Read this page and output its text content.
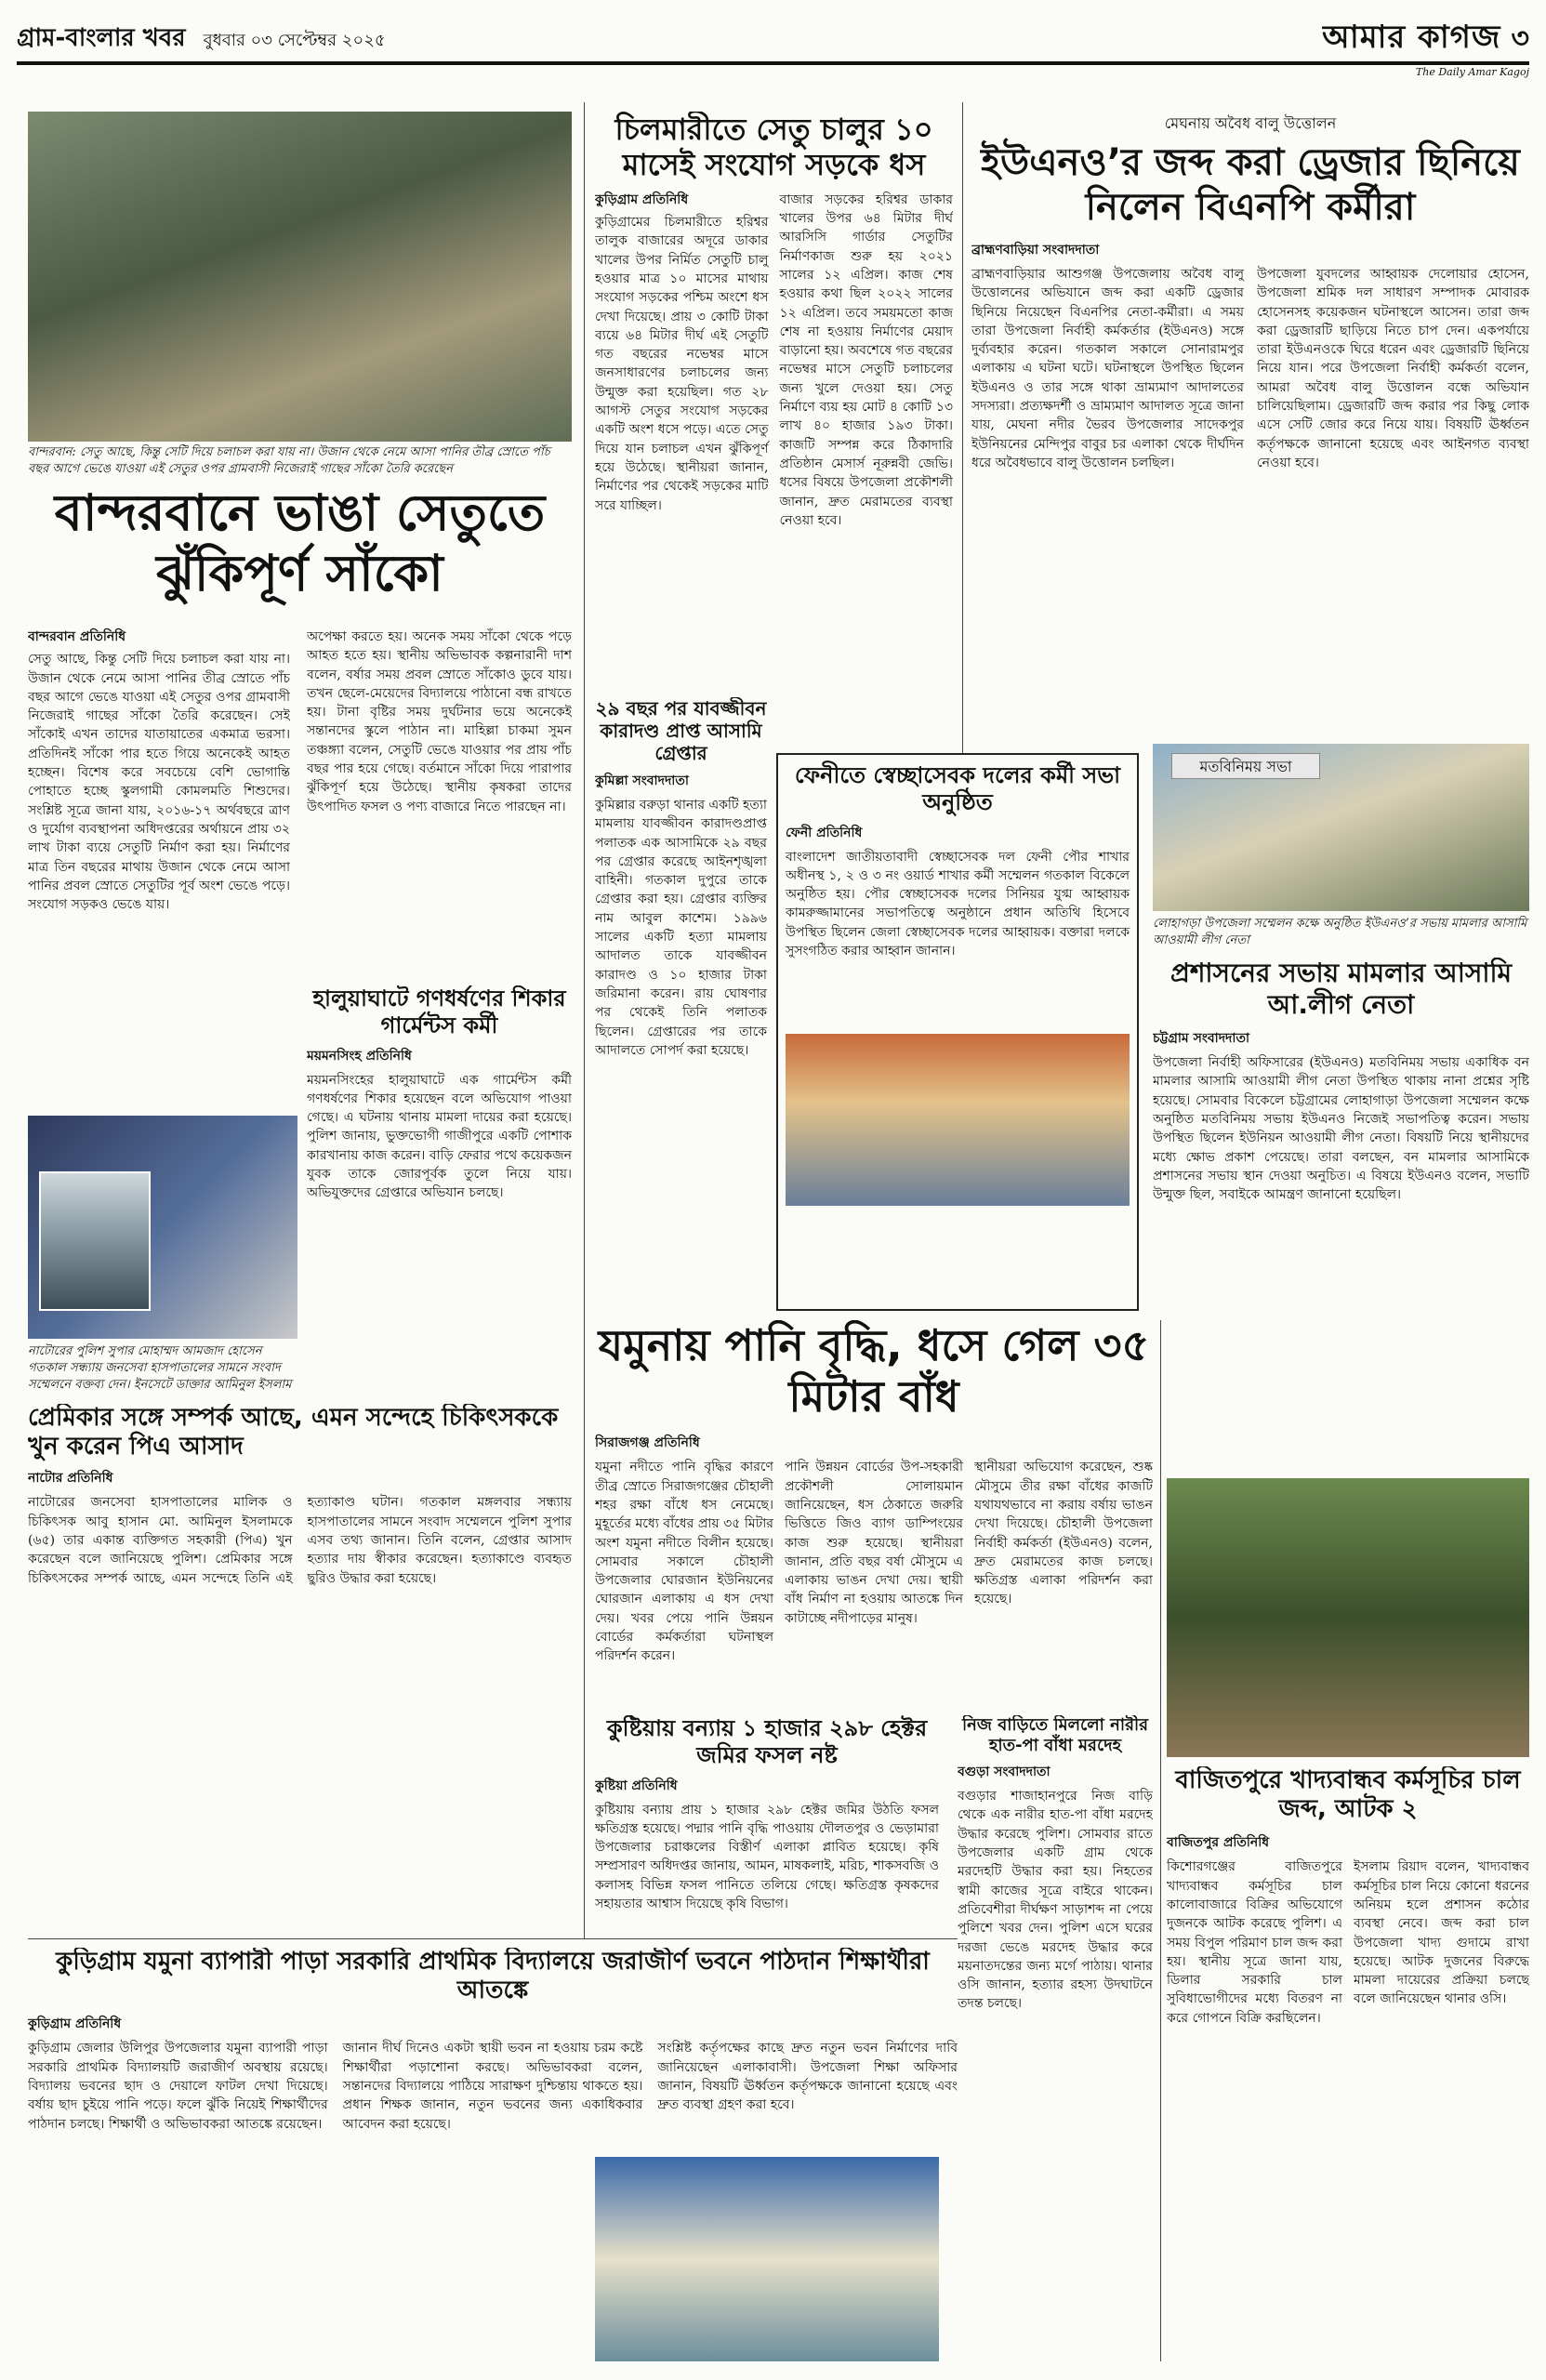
গ্রাম-বাংলার খবর বুধবার ০৩ সেপ্টেম্বর ২০২৫	আমার কাগজ ৩
The Daily Amar Kagoj
বান্দরবান: সেতু আছে, কিন্তু সেটি দিয়ে চলাচল করা যায় না। উজান থেকে নেমে আসা পানির তীব্র স্রোতে পাঁচ বছর আগে ভেঙে যাওয়া এই সেতুর ওপর গ্রামবাসী নিজেরাই গাছের সাঁকো তৈরি করেছেন
বান্দরবানে ভাঙা সেতুতে ঝুঁকিপূর্ণ সাঁকো
বান্দরবান প্রতিনিধি
সেতু আছে, কিন্তু সেটি দিয়ে চলাচল করা যায় না। উজান থেকে নেমে আসা পানির তীব্র স্রোতে পাঁচ বছর আগে ভেঙে যাওয়া এই সেতুর ওপর গ্রামবাসী নিজেরাই গাছের সাঁকো তৈরি করেছেন। সেই সাঁকোই এখন তাদের যাতায়াতের একমাত্র ভরসা। প্রতিদিনই সাঁকো পার হতে গিয়ে অনেকেই আহত হচ্ছেন। বিশেষ করে সবচেয়ে বেশি ভোগান্তি পোহাতে হচ্ছে স্কুলগামী কোমলমতি শিশুদের। সংশ্লিষ্ট সূত্রে জানা যায়, ২০১৬-১৭ অর্থবছরে ত্রাণ ও দুর্যোগ ব্যবস্থাপনা অধিদপ্তরের অর্থায়নে প্রায় ৩২ লাখ টাকা ব্যয়ে সেতুটি নির্মাণ করা হয়। নির্মাণের মাত্র তিন বছরের মাথায় উজান থেকে নেমে আসা পানির প্রবল স্রোতে সেতুটির পূর্ব অংশ ভেঙে পড়ে। সংযোগ সড়কও ভেঙে যায়।
অপেক্ষা করতে হয়। অনেক সময় সাঁকো থেকে পড়ে আহত হতে হয়। স্থানীয় অভিভাবক কল্পনারানী দাশ বলেন, বর্ষার সময় প্রবল স্রোতে সাঁকোও ডুবে যায়। তখন ছেলে-মেয়েদের বিদ্যালয়ে পাঠানো বন্ধ রাখতে হয়। টানা বৃষ্টির সময় দুর্ঘটনার ভয়ে অনেকেই সন্তানদের স্কুলে পাঠান না। মাহিল্লা চাকমা সুমন তঞ্চঙ্গ্যা বলেন, সেতুটি ভেঙে যাওয়ার পর প্রায় পাঁচ বছর পার হয়ে গেছে। বর্তমানে সাঁকো দিয়ে পারাপার ঝুঁকিপূর্ণ হয়ে উঠেছে। স্থানীয় কৃষকরা তাদের উৎপাদিত ফসল ও পণ্য বাজারে নিতে পারছেন না।
হালুয়াঘাটে গণধর্ষণের শিকার গার্মেন্টস কর্মী
ময়মনসিংহ প্রতিনিধি
ময়মনসিংহের হালুয়াঘাটে এক গার্মেন্টস কর্মী গণধর্ষণের শিকার হয়েছেন বলে অভিযোগ পাওয়া গেছে। এ ঘটনায় থানায় মামলা দায়ের করা হয়েছে। পুলিশ জানায়, ভুক্তভোগী গাজীপুরে একটি পোশাক কারখানায় কাজ করেন। বাড়ি ফেরার পথে কয়েকজন যুবক তাকে জোরপূর্বক তুলে নিয়ে যায়। অভিযুক্তদের গ্রেপ্তারে অভিযান চলছে।
নাটোরের পুলিশ সুপার মোহাম্মদ আমজাদ হোসেন গতকাল সন্ধ্যায় জনসেবা হাসপাতালের সামনে সংবাদ সম্মেলনে বক্তব্য দেন। ইনসেটে ডাক্তার আমিনুল ইসলাম
প্রেমিকার সঙ্গে সম্পর্ক আছে, এমন সন্দেহে চিকিৎসককে খুন করেন পিএ আসাদ
নাটোর প্রতিনিধি
নাটোরের জনসেবা হাসপাতালের মালিক ও চিকিৎসক আবু হাসান মো. আমিনুল ইসলামকে (৬৫) তার একান্ত ব্যক্তিগত সহকারী (পিএ) খুন করেছেন বলে জানিয়েছে পুলিশ। প্রেমিকার সঙ্গে চিকিৎসকের সম্পর্ক আছে, এমন সন্দেহে তিনি এই হত্যাকাণ্ড ঘটান। গতকাল মঙ্গলবার সন্ধ্যায় হাসপাতালের সামনে সংবাদ সম্মেলনে পুলিশ সুপার এসব তথ্য জানান। তিনি বলেন, গ্রেপ্তার আসাদ হত্যার দায় স্বীকার করেছেন। হত্যাকাণ্ডে ব্যবহৃত ছুরিও উদ্ধার করা হয়েছে।
কুড়িগ্রাম যমুনা ব্যাপারী পাড়া সরকারি প্রাথমিক বিদ্যালয়ে জরাজীর্ণ ভবনে পাঠদান শিক্ষার্থীরা আতঙ্কে
কুড়িগ্রাম প্রতিনিধি
কুড়িগ্রাম জেলার উলিপুর উপজেলার যমুনা ব্যাপারী পাড়া সরকারি প্রাথমিক বিদ্যালয়টি জরাজীর্ণ অবস্থায় রয়েছে। বিদ্যালয় ভবনের ছাদ ও দেয়ালে ফাটল দেখা দিয়েছে। বর্ষায় ছাদ চুইয়ে পানি পড়ে। ফলে ঝুঁকি নিয়েই শিক্ষার্থীদের পাঠদান চলছে। শিক্ষার্থী ও অভিভাবকরা আতঙ্কে রয়েছেন।
জানান দীর্ঘ দিনেও একটা স্থায়ী ভবন না হওয়ায় চরম কষ্টে শিক্ষার্থীরা পড়াশোনা করছে। অভিভাবকরা বলেন, সন্তানদের বিদ্যালয়ে পাঠিয়ে সারাক্ষণ দুশ্চিন্তায় থাকতে হয়। প্রধান শিক্ষক জানান, নতুন ভবনের জন্য একাধিকবার আবেদন করা হয়েছে।
সংশ্লিষ্ট কর্তৃপক্ষের কাছে দ্রুত নতুন ভবন নির্মাণের দাবি জানিয়েছেন এলাকাবাসী। উপজেলা শিক্ষা অফিসার জানান, বিষয়টি ঊর্ধ্বতন কর্তৃপক্ষকে জানানো হয়েছে এবং দ্রুত ব্যবস্থা গ্রহণ করা হবে।
চিলমারীতে সেতু চালুর ১০ মাসেই সংযোগ সড়কে ধস
কুড়িগ্রাম প্রতিনিধি
কুড়িগ্রামের চিলমারীতে হরিশ্বর তালুক বাজারের অদূরে ডাকার খালের উপর নির্মিত সেতুটি চালু হওয়ার মাত্র ১০ মাসের মাথায় সংযোগ সড়কের পশ্চিম অংশে ধস দেখা দিয়েছে। প্রায় ৩ কোটি টাকা ব্যয়ে ৬৪ মিটার দীর্ঘ এই সেতুটি গত বছরের নভেম্বর মাসে জনসাধারণের চলাচলের জন্য উন্মুক্ত করা হয়েছিল। গত ২৮ আগস্ট সেতুর সংযোগ সড়কের একটি অংশ ধসে পড়ে। এতে সেতু দিয়ে যান চলাচল এখন ঝুঁকিপূর্ণ হয়ে উঠেছে। স্থানীয়রা জানান, নির্মাণের পর থেকেই সড়কের মাটি সরে যাচ্ছিল।
বাজার সড়কের হরিশ্বর ডাকার খালের উপর ৬৪ মিটার দীর্ঘ আরসিসি গার্ডার সেতুটির নির্মাণকাজ শুরু হয় ২০২১ সালের ১২ এপ্রিল। কাজ শেষ হওয়ার কথা ছিল ২০২২ সালের ১২ এপ্রিল। তবে সময়মতো কাজ শেষ না হওয়ায় নির্মাণের মেয়াদ বাড়ানো হয়। অবশেষে গত বছরের নভেম্বর মাসে সেতুটি চলাচলের জন্য খুলে দেওয়া হয়। সেতু নির্মাণে ব্যয় হয় মোট ৪ কোটি ১৩ লাখ ৪০ হাজার ১৯৩ টাকা। কাজটি সম্পন্ন করে ঠিকাদারি প্রতিষ্ঠান মেসার্স নূরুন্নবী জেভি। ধসের বিষয়ে উপজেলা প্রকৌশলী জানান, দ্রুত মেরামতের ব্যবস্থা নেওয়া হবে।
২৯ বছর পর যাবজ্জীবন কারাদণ্ড প্রাপ্ত আসামি গ্রেপ্তার
কুমিল্লা সংবাদদাতা
কুমিল্লার বরুড়া থানার একটি হত্যা মামলায় যাবজ্জীবন কারাদণ্ডপ্রাপ্ত পলাতক এক আসামিকে ২৯ বছর পর গ্রেপ্তার করেছে আইনশৃঙ্খলা বাহিনী। গতকাল দুপুরে তাকে গ্রেপ্তার করা হয়। গ্রেপ্তার ব্যক্তির নাম আবুল কাশেম। ১৯৯৬ সালের একটি হত্যা মামলায় আদালত তাকে যাবজ্জীবন কারাদণ্ড ও ১০ হাজার টাকা জরিমানা করেন। রায় ঘোষণার পর থেকেই তিনি পলাতক ছিলেন। গ্রেপ্তারের পর তাকে আদালতে সোপর্দ করা হয়েছে।
ফেনীতে স্বেচ্ছাসেবক দলের কর্মী সভা অনুষ্ঠিত
ফেনী প্রতিনিধি
বাংলাদেশ জাতীয়তাবাদী স্বেচ্ছাসেবক দল ফেনী পৌর শাখার অধীনস্থ ১, ২ ও ৩ নং ওয়ার্ড শাখার কর্মী সম্মেলন গতকাল বিকেলে অনুষ্ঠিত হয়। পৌর স্বেচ্ছাসেবক দলের সিনিয়র যুগ্ম আহ্বায়ক কামরুজ্জামানের সভাপতিত্বে অনুষ্ঠানে প্রধান অতিথি হিসেবে উপস্থিত ছিলেন জেলা স্বেচ্ছাসেবক দলের আহ্বায়ক। বক্তারা দলকে সুসংগঠিত করার আহ্বান জানান।
যমুনায় পানি বৃদ্ধি, ধসে গেল ৩৫ মিটার বাঁধ
সিরাজগঞ্জ প্রতিনিধি
যমুনা নদীতে পানি বৃদ্ধির কারণে তীব্র স্রোতে সিরাজগঞ্জের চৌহালী শহর রক্ষা বাঁধে ধস নেমেছে। মুহূর্তের মধ্যে বাঁধের প্রায় ৩৫ মিটার অংশ যমুনা নদীতে বিলীন হয়েছে। সোমবার সকালে চৌহালী উপজেলার ঘোরজান ইউনিয়নের ঘোরজান এলাকায় এ ধস দেখা দেয়। খবর পেয়ে পানি উন্নয়ন বোর্ডের কর্মকর্তারা ঘটনাস্থল পরিদর্শন করেন।
পানি উন্নয়ন বোর্ডের উপ-সহকারী প্রকৌশলী সোলায়মান জানিয়েছেন, ধস ঠেকাতে জরুরি ভিত্তিতে জিও ব্যাগ ডাম্পিংয়ের কাজ শুরু হয়েছে। স্থানীয়রা জানান, প্রতি বছর বর্ষা মৌসুমে এ এলাকায় ভাঙন দেখা দেয়। স্থায়ী বাঁধ নির্মাণ না হওয়ায় আতঙ্কে দিন কাটাচ্ছে নদীপাড়ের মানুষ।
স্থানীয়রা অভিযোগ করেছেন, শুষ্ক মৌসুমে তীর রক্ষা বাঁধের কাজটি যথাযথভাবে না করায় বর্ষায় ভাঙন দেখা দিয়েছে। চৌহালী উপজেলা নির্বাহী কর্মকর্তা (ইউএনও) বলেন, দ্রুত মেরামতের কাজ চলছে। ক্ষতিগ্রস্ত এলাকা পরিদর্শন করা হয়েছে।
কুষ্টিয়ায় বন্যায় ১ হাজার ২৯৮ হেক্টর জমির ফসল নষ্ট
কুষ্টিয়া প্রতিনিধি
কুষ্টিয়ায় বন্যায় প্রায় ১ হাজার ২৯৮ হেক্টর জমির উঠতি ফসল ক্ষতিগ্রস্ত হয়েছে। পদ্মার পানি বৃদ্ধি পাওয়ায় দৌলতপুর ও ভেড়ামারা উপজেলার চরাঞ্চলের বিস্তীর্ণ এলাকা প্লাবিত হয়েছে। কৃষি সম্প্রসারণ অধিদপ্তর জানায়, আমন, মাষকলাই, মরিচ, শাকসবজি ও কলাসহ বিভিন্ন ফসল পানিতে তলিয়ে গেছে। ক্ষতিগ্রস্ত কৃষকদের সহায়তার আশ্বাস দিয়েছে কৃষি বিভাগ।
নিজ বাড়িতে মিললো নারীর হাত-পা বাঁধা মরদেহ
বগুড়া সংবাদদাতা
বগুড়ার শাজাহানপুরে নিজ বাড়ি থেকে এক নারীর হাত-পা বাঁধা মরদেহ উদ্ধার করেছে পুলিশ। সোমবার রাতে উপজেলার একটি গ্রাম থেকে মরদেহটি উদ্ধার করা হয়। নিহতের স্বামী কাজের সূত্রে বাইরে থাকেন। প্রতিবেশীরা দীর্ঘক্ষণ সাড়াশব্দ না পেয়ে পুলিশে খবর দেন। পুলিশ এসে ঘরের দরজা ভেঙে মরদেহ উদ্ধার করে ময়নাতদন্তের জন্য মর্গে পাঠায়। থানার ওসি জানান, হত্যার রহস্য উদঘাটনে তদন্ত চলছে।
মেঘনায় অবৈধ বালু উত্তোলন
ইউএনও’র জব্দ করা ড্রেজার ছিনিয়ে নিলেন বিএনপি কর্মীরা
ব্রাহ্মণবাড়িয়া সংবাদদাতা
ব্রাহ্মণবাড়িয়ার আশুগঞ্জ উপজেলায় অবৈধ বালু উত্তোলনের অভিযানে জব্দ করা একটি ড্রেজার ছিনিয়ে নিয়েছেন বিএনপির নেতা-কর্মীরা। এ সময় তারা উপজেলা নির্বাহী কর্মকর্তার (ইউএনও) সঙ্গে দুর্ব্যবহার করেন। গতকাল সকালে সোনারামপুর এলাকায় এ ঘটনা ঘটে। ঘটনাস্থলে উপস্থিত ছিলেন ইউএনও ও তার সঙ্গে থাকা ভ্রাম্যমাণ আদালতের সদস্যরা। প্রত্যক্ষদর্শী ও ভ্রাম্যমাণ আদালত সূত্রে জানা যায়, মেঘনা নদীর ভৈরব উপজেলার সাদেকপুর ইউনিয়নের মেন্দিপুর বাবুর চর এলাকা থেকে দীর্ঘদিন ধরে অবৈধভাবে বালু উত্তোলন চলছিল।
উপজেলা যুবদলের আহ্বায়ক দেলোয়ার হোসেন, উপজেলা শ্রমিক দল সাধারণ সম্পাদক মোবারক হোসেনসহ কয়েকজন ঘটনাস্থলে আসেন। তারা জব্দ করা ড্রেজারটি ছাড়িয়ে নিতে চাপ দেন। একপর্যায়ে তারা ইউএনওকে ঘিরে ধরেন এবং ড্রেজারটি ছিনিয়ে নিয়ে যান। পরে উপজেলা নির্বাহী কর্মকর্তা বলেন, আমরা অবৈধ বালু উত্তোলন বন্ধে অভিযান চালিয়েছিলাম। ড্রেজারটি জব্দ করার পর কিছু লোক এসে সেটি জোর করে নিয়ে যায়। বিষয়টি ঊর্ধ্বতন কর্তৃপক্ষকে জানানো হয়েছে এবং আইনগত ব্যবস্থা নেওয়া হবে।
মতবিনিময় সভা
লোহাগড়া উপজেলা সম্মেলন কক্ষে অনুষ্ঠিত ইউএনও’র সভায় মামলার আসামি আওয়ামী লীগ নেতা
প্রশাসনের সভায় মামলার আসামি আ.লীগ নেতা
চট্টগ্রাম সংবাদদাতা
উপজেলা নির্বাহী অফিসারের (ইউএনও) মতবিনিময় সভায় একাধিক বন মামলার আসামি আওয়ামী লীগ নেতা উপস্থিত থাকায় নানা প্রশ্নের সৃষ্টি হয়েছে। সোমবার বিকেলে চট্টগ্রামের লোহাগাড়া উপজেলা সম্মেলন কক্ষে অনুষ্ঠিত মতবিনিময় সভায় ইউএনও নিজেই সভাপতিত্ব করেন। সভায় উপস্থিত ছিলেন ইউনিয়ন আওয়ামী লীগ নেতা। বিষয়টি নিয়ে স্থানীয়দের মধ্যে ক্ষোভ প্রকাশ পেয়েছে। তারা বলছেন, বন মামলার আসামিকে প্রশাসনের সভায় স্থান দেওয়া অনুচিত। এ বিষয়ে ইউএনও বলেন, সভাটি উন্মুক্ত ছিল, সবাইকে আমন্ত্রণ জানানো হয়েছিল।
বাজিতপুরে খাদ্যবান্ধব কর্মসূচির চাল জব্দ, আটক ২
বাজিতপুর প্রতিনিধি
কিশোরগঞ্জের বাজিতপুরে খাদ্যবান্ধব কর্মসূচির চাল কালোবাজারে বিক্রির অভিযোগে দুজনকে আটক করেছে পুলিশ। এ সময় বিপুল পরিমাণ চাল জব্দ করা হয়। স্থানীয় সূত্রে জানা যায়, ডিলার সরকারি চাল সুবিধাভোগীদের মধ্যে বিতরণ না করে গোপনে বিক্রি করছিলেন।
ইসলাম রিয়াদ বলেন, খাদ্যবান্ধব কর্মসূচির চাল নিয়ে কোনো ধরনের অনিয়ম হলে প্রশাসন কঠোর ব্যবস্থা নেবে। জব্দ করা চাল উপজেলা খাদ্য গুদামে রাখা হয়েছে। আটক দুজনের বিরুদ্ধে মামলা দায়েরের প্রক্রিয়া চলছে বলে জানিয়েছেন থানার ওসি।
